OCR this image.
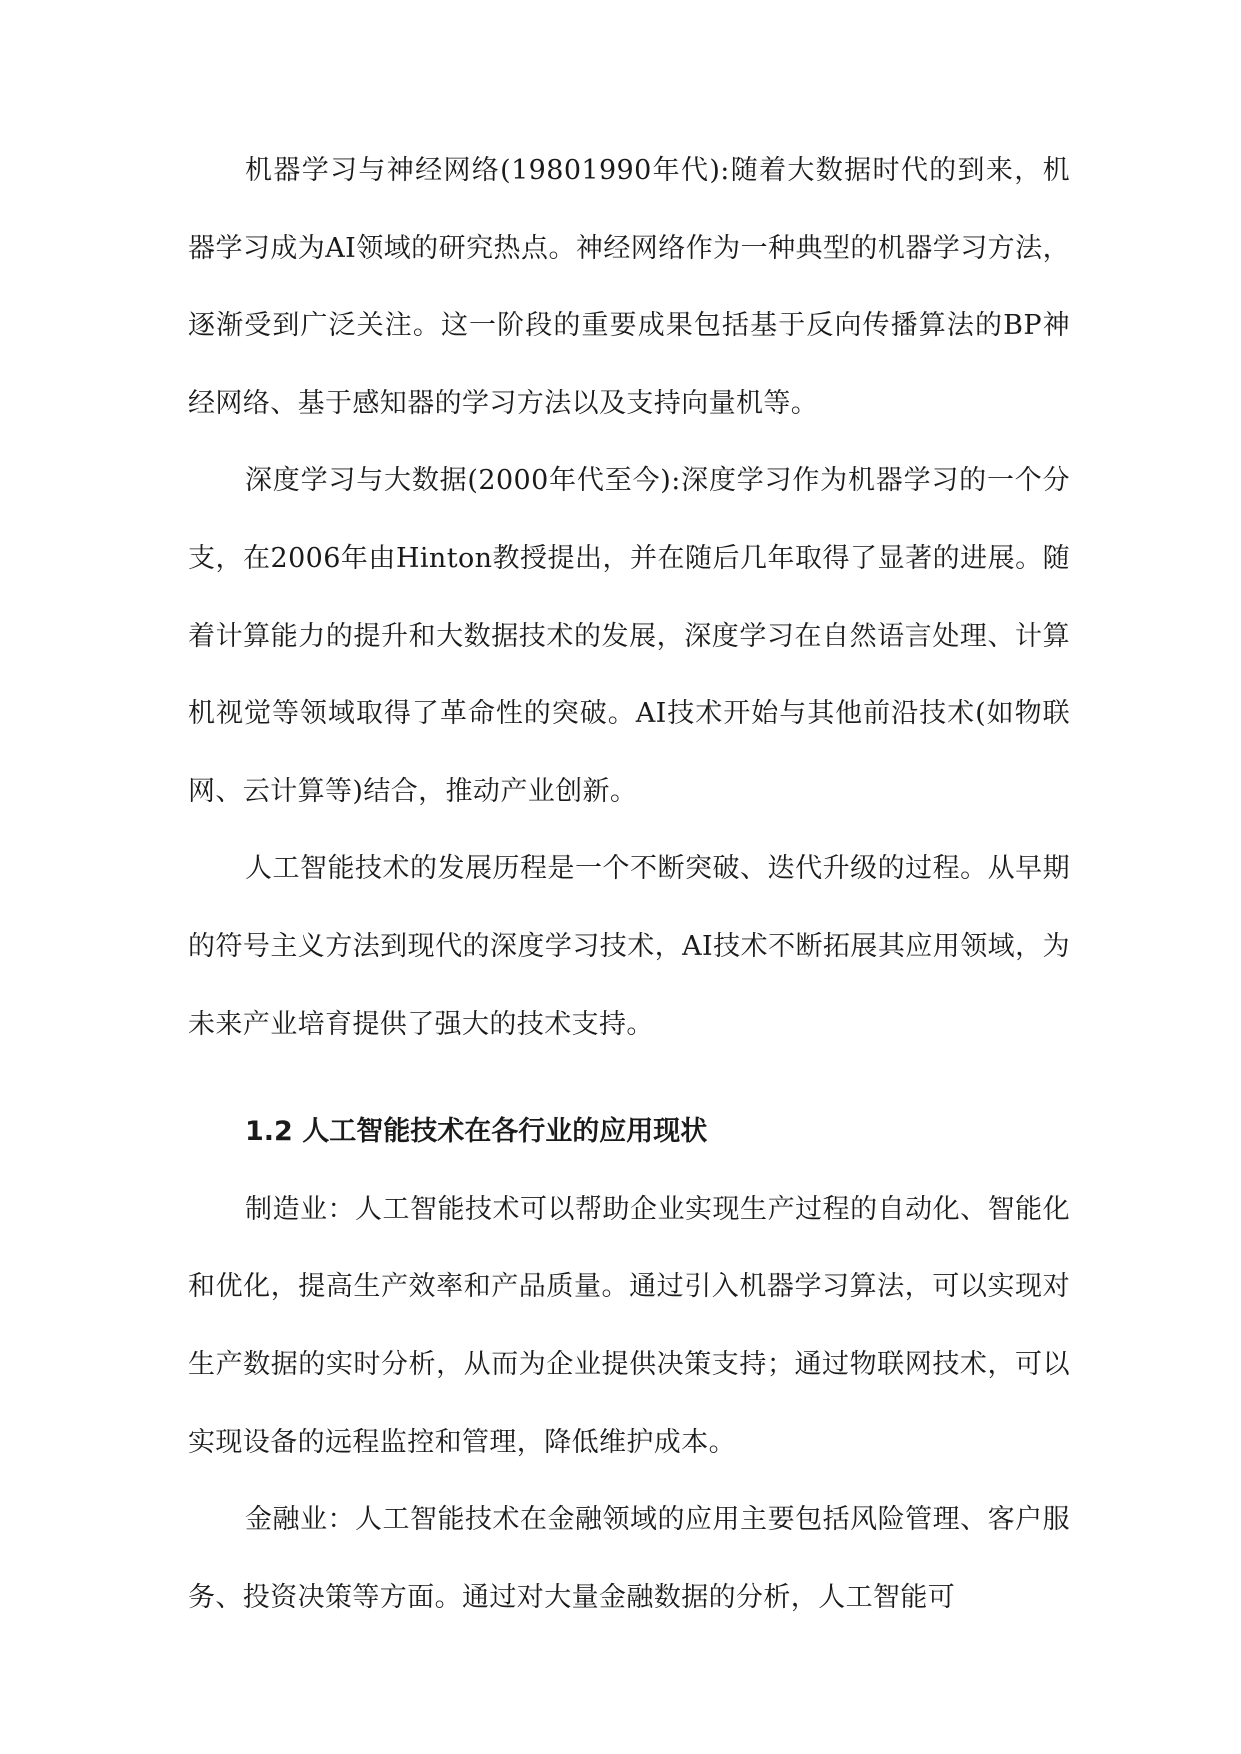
机器学习与神经网络(19801990年代):随着大数据时代的到来，机器学习成为AI领域的研究热点。神经网络作为一种典型的机器学习方法，逐渐受到广泛关注。这一阶段的重要成果包括基于反向传播算法的BP神经网络、基于感知器的学习方法以及支持向量机等。

深度学习与大数据(2000年代至今):深度学习作为机器学习的一个分支，在2006年由Hinton教授提出，并在随后几年取得了显著的进展。随着计算能力的提升和大数据技术的发展，深度学习在自然语言处理、计算机视觉等领域取得了革命性的突破。AI技术开始与其他前沿技术(如物联网、云计算等)结合，推动产业创新。

人工智能技术的发展历程是一个不断突破、迭代升级的过程。从早期的符号主义方法到现代的深度学习技术，AI技术不断拓展其应用领域，为未来产业培育提供了强大的技术支持。

1.2 人工智能技术在各行业的应用现状

制造业：人工智能技术可以帮助企业实现生产过程的自动化、智能化和优化，提高生产效率和产品质量。通过引入机器学习算法，可以实现对生产数据的实时分析，从而为企业提供决策支持；通过物联网技术，可以实现设备的远程监控和管理，降低维护成本。

金融业：人工智能技术在金融领域的应用主要包括风险管理、客户服务、投资决策等方面。通过对大量金融数据的分析，人工智能可
